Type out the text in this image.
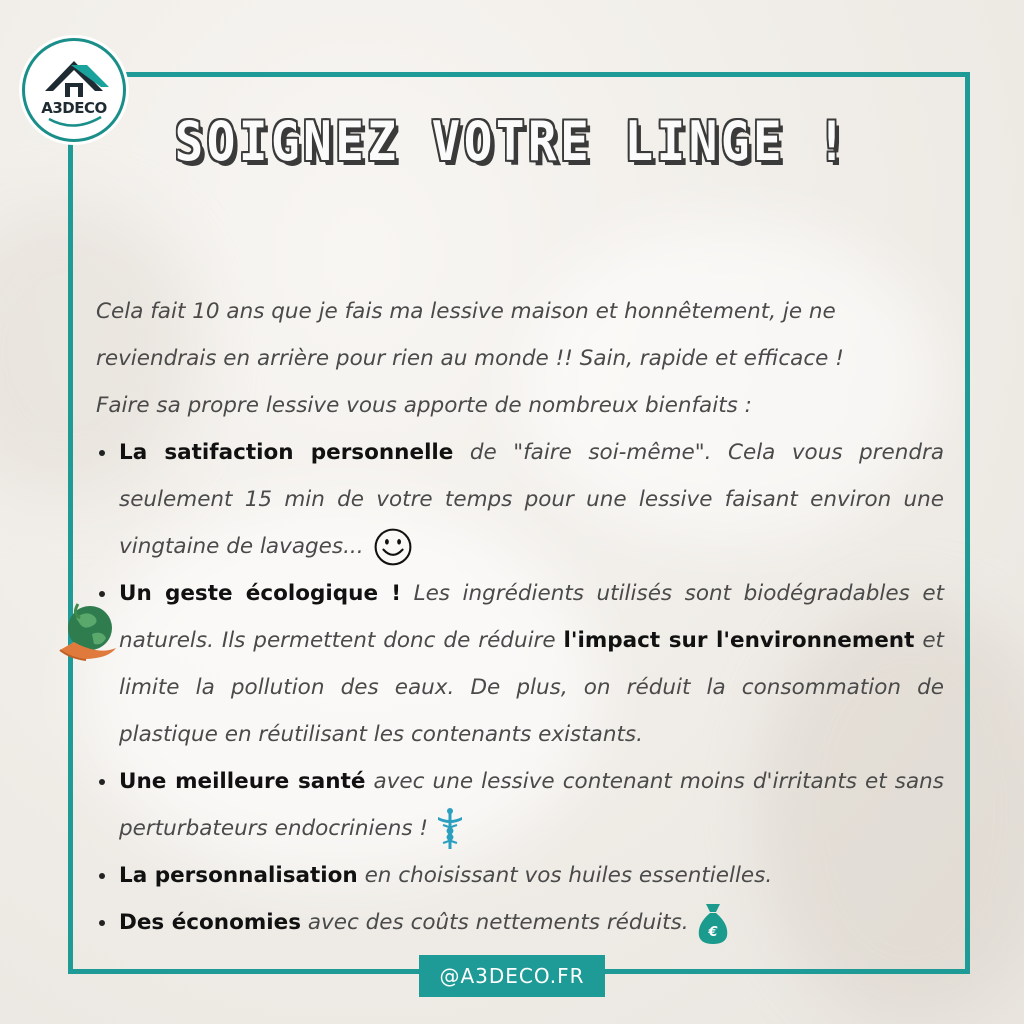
A3DECO
SOIGNEZ VOTRE LINGE !

Cela fait 10 ans que je fais ma lessive maison et honnêtement, je ne
reviendrais en arrière pour rien au monde !! Sain, rapide et efficace !
Faire sa propre lessive vous apporte de nombreux bienfaits :

La satifaction personnelle de "faire soi-même". Cela vous prendra seulement 15 min de votre temps pour une lessive faisant environ une vingtaine de lavages...
Un geste écologique ! Les ingrédients utilisés sont biodégradables et naturels. Ils permettent donc de réduire l'impact sur l'environnement et limite la pollution des eaux. De plus, on réduit la consommation de plastique en réutilisant les contenants existants.
Une meilleure santé avec une lessive contenant moins d'irritants et sans perturbateurs endocriniens !
La personnalisation en choisissant vos huiles essentielles.
Des économies avec des coûts nettements réduits. €
@A3DECO.FR
